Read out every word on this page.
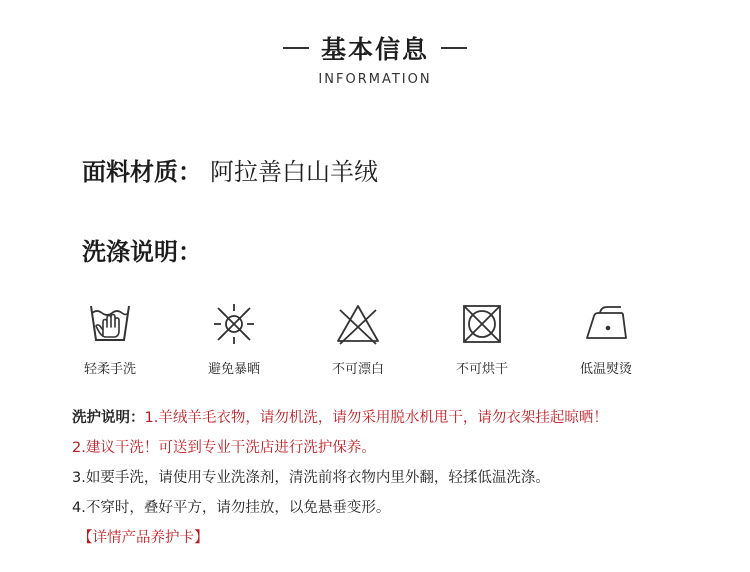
基本信息
INFORMATION
面料材质： 阿拉善白山羊绒
洗涤说明：
轻柔手洗	避免暴晒	不可漂白	不可烘干	低温熨烫
洗护说明：1.羊绒羊毛衣物，请勿机洗，请勿采用脱水机甩干，请勿衣架挂起晾晒！
2.建议干洗！可送到专业干洗店进行洗护保养。
3.如要手洗，请使用专业洗涤剂，清洗前将衣物内里外翻，轻揉低温洗涤。
4.不穿时，叠好平方，请勿挂放，以免悬垂变形。
【详情产品养护卡】
